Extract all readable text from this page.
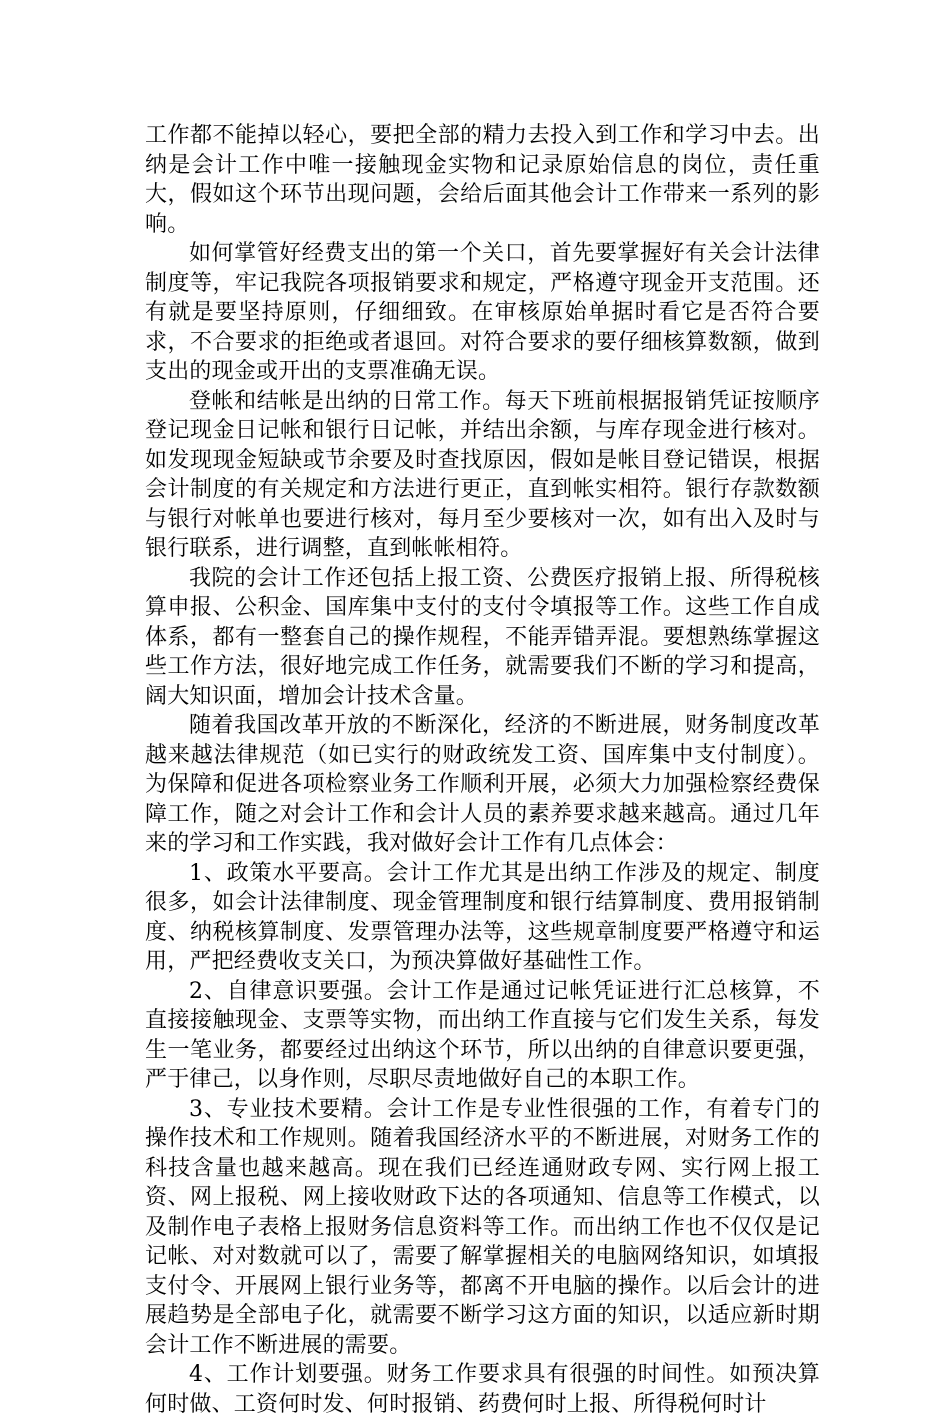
工作都不能掉以轻心，要把全部的精力去投入到工作和学习中去。出纳是会计工作中唯一接触现金实物和记录原始信息的岗位，责任重大，假如这个环节出现问题，会给后面其他会计工作带来一系列的影响。

如何掌管好经费支出的第一个关口，首先要掌握好有关会计法律制度等，牢记我院各项报销要求和规定，严格遵守现金开支范围。还有就是要坚持原则，仔细细致。在审核原始单据时看它是否符合要求，不合要求的拒绝或者退回。对符合要求的要仔细核算数额，做到支出的现金或开出的支票准确无误。

登帐和结帐是出纳的日常工作。每天下班前根据报销凭证按顺序登记现金日记帐和银行日记帐，并结出余额，与库存现金进行核对。如发现现金短缺或节余要及时查找原因，假如是帐目登记错误，根据会计制度的有关规定和方法进行更正，直到帐实相符。银行存款数额与银行对帐单也要进行核对，每月至少要核对一次，如有出入及时与银行联系，进行调整，直到帐帐相符。

我院的会计工作还包括上报工资、公费医疗报销上报、所得税核算申报、公积金、国库集中支付的支付令填报等工作。这些工作自成体系，都有一整套自己的操作规程，不能弄错弄混。要想熟练掌握这些工作方法，很好地完成工作任务，就需要我们不断的学习和提高，阔大知识面，增加会计技术含量。

随着我国改革开放的不断深化，经济的不断进展，财务制度改革越来越法律规范（如已实行的财政统发工资、国库集中支付制度）。为保障和促进各项检察业务工作顺利开展，必须大力加强检察经费保障工作，随之对会计工作和会计人员的素养要求越来越高。通过几年来的学习和工作实践，我对做好会计工作有几点体会：

1、政策水平要高。会计工作尤其是出纳工作涉及的规定、制度很多，如会计法律制度、现金管理制度和银行结算制度、费用报销制度、纳税核算制度、发票管理办法等，这些规章制度要严格遵守和运用，严把经费收支关口，为预决算做好基础性工作。

2、自律意识要强。会计工作是通过记帐凭证进行汇总核算，不直接接触现金、支票等实物，而出纳工作直接与它们发生关系，每发生一笔业务，都要经过出纳这个环节，所以出纳的自律意识要更强，严于律己，以身作则，尽职尽责地做好自己的本职工作。

3、专业技术要精。会计工作是专业性很强的工作，有着专门的操作技术和工作规则。随着我国经济水平的不断进展，对财务工作的科技含量也越来越高。现在我们已经连通财政专网、实行网上报工资、网上报税、网上接收财政下达的各项通知、信息等工作模式，以及制作电子表格上报财务信息资料等工作。而出纳工作也不仅仅是记记帐、对对数就可以了，需要了解掌握相关的电脑网络知识，如填报支付令、开展网上银行业务等，都离不开电脑的操作。以后会计的进展趋势是全部电子化，就需要不断学习这方面的知识，以适应新时期会计工作不断进展的需要。

4、工作计划要强。财务工作要求具有很强的时间性。如预决算何时做、工资何时发、何时报销、药费何时上报、所得税何时计
